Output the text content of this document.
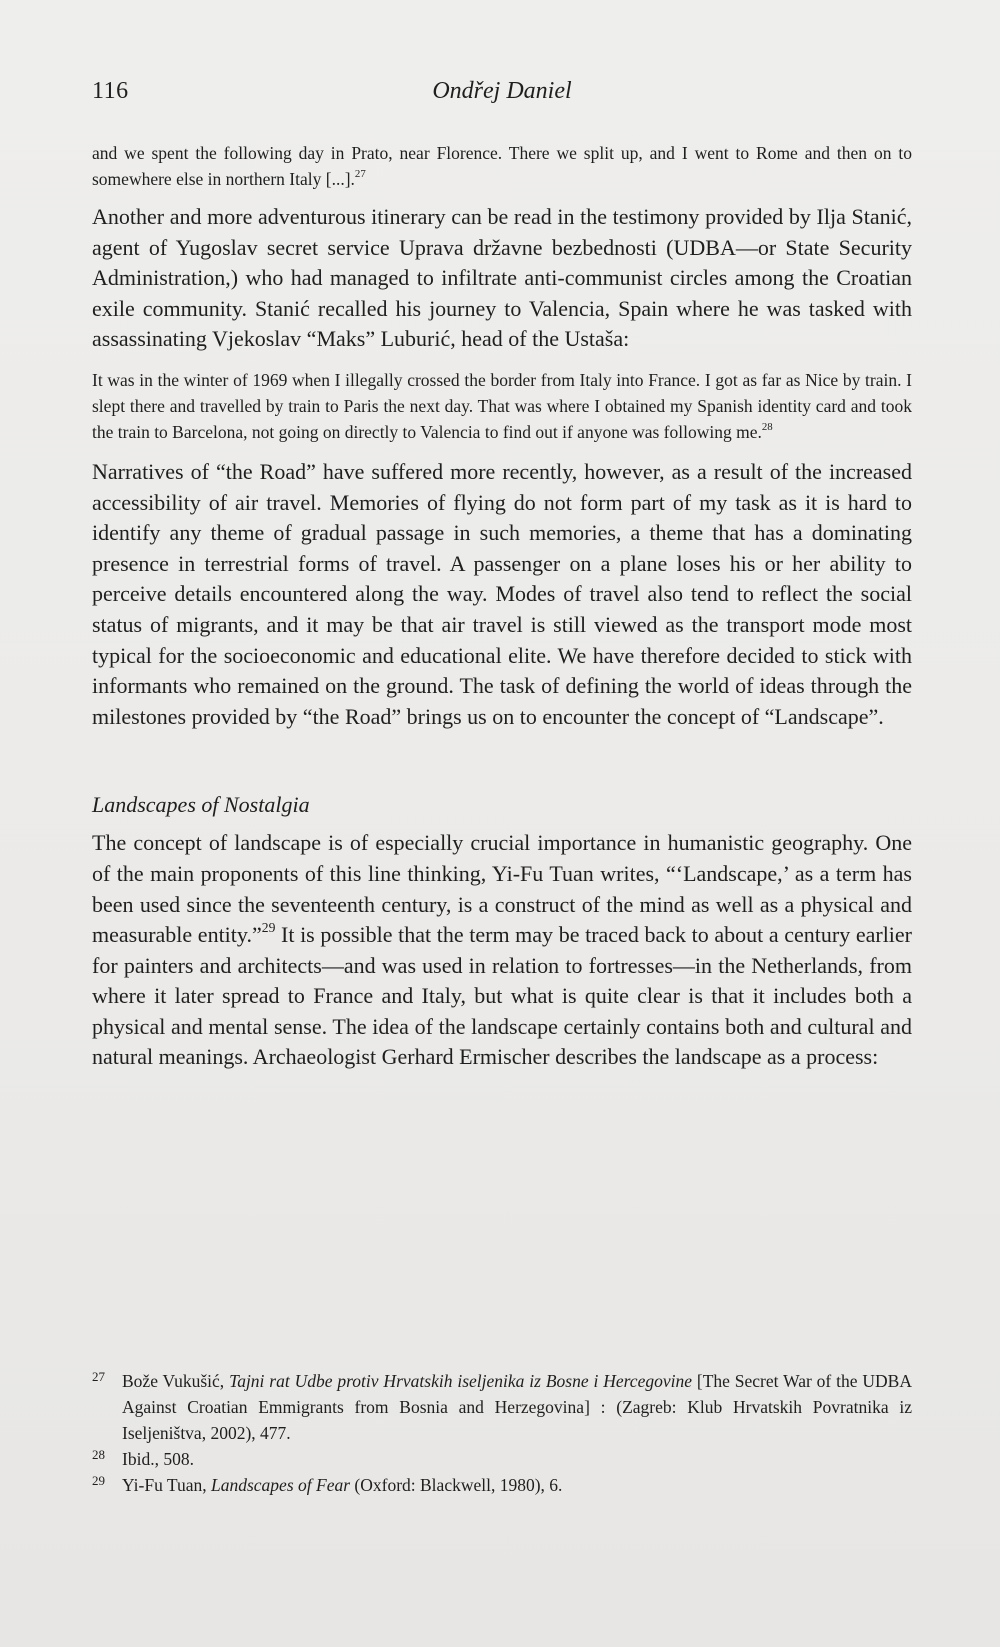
116	Ondřej Daniel

and we spent the following day in Prato, near Florence. There we split up, and I went to Rome and then on to somewhere else in northern Italy [...].$^{27}$

Another and more adventurous itinerary can be read in the testimony provided by Ilja Stanić, agent of Yugoslav secret service Uprava državne bezbednosti (UDBA—or State Security Administration,) who had managed to infiltrate anti-communist circles among the Croatian exile community. Stanić recalled his journey to Valencia, Spain where he was tasked with assassinating Vjekoslav “Maks” Luburić, head of the Ustaša:

It was in the winter of 1969 when I illegally crossed the border from Italy into France. I got as far as Nice by train. I slept there and travelled by train to Paris the next day. That was where I obtained my Spanish identity card and took the train to Barcelona, not going on directly to Valencia to find out if anyone was following me.$^{28}$

Narratives of “the Road” have suffered more recently, however, as a result of the increased accessibility of air travel. Memories of flying do not form part of my task as it is hard to identify any theme of gradual passage in such memories, a theme that has a dominating presence in terrestrial forms of travel. A passenger on a plane loses his or her ability to perceive details encountered along the way. Modes of travel also tend to reflect the social status of migrants, and it may be that air travel is still viewed as the transport mode most typical for the socioeconomic and educational elite. We have therefore decided to stick with informants who remained on the ground. The task of defining the world of ideas through the milestones provided by “the Road” brings us on to encounter the concept of “Landscape”.

Landscapes of Nostalgia

The concept of landscape is of especially crucial importance in humanistic geography. One of the main proponents of this line thinking, Yi-Fu Tuan writes, “‘Landscape,’ as a term has been used since the seventeenth century, is a construct of the mind as well as a physical and measurable entity.”$^{29}$ It is possible that the term may be traced back to about a century earlier for painters and architects—and was used in relation to fortresses—in the Netherlands, from where it later spread to France and Italy, but what is quite clear is that it includes both a physical and mental sense. The idea of the landscape certainly contains both and cultural and natural meanings. Archaeologist Gerhard Ermischer describes the landscape as a process:

27 Bože Vukušić, Tajni rat Udbe protiv Hrvatskih iseljenika iz Bosne i Hercegovine [The Secret War of the UDBA Against Croatian Emmigrants from Bosnia and Herzegovina] : (Zagreb: Klub Hrvatskih Povratnika iz Iseljeništva, 2002), 477.
28 Ibid., 508.
29 Yi-Fu Tuan, Landscapes of Fear (Oxford: Blackwell, 1980), 6.
